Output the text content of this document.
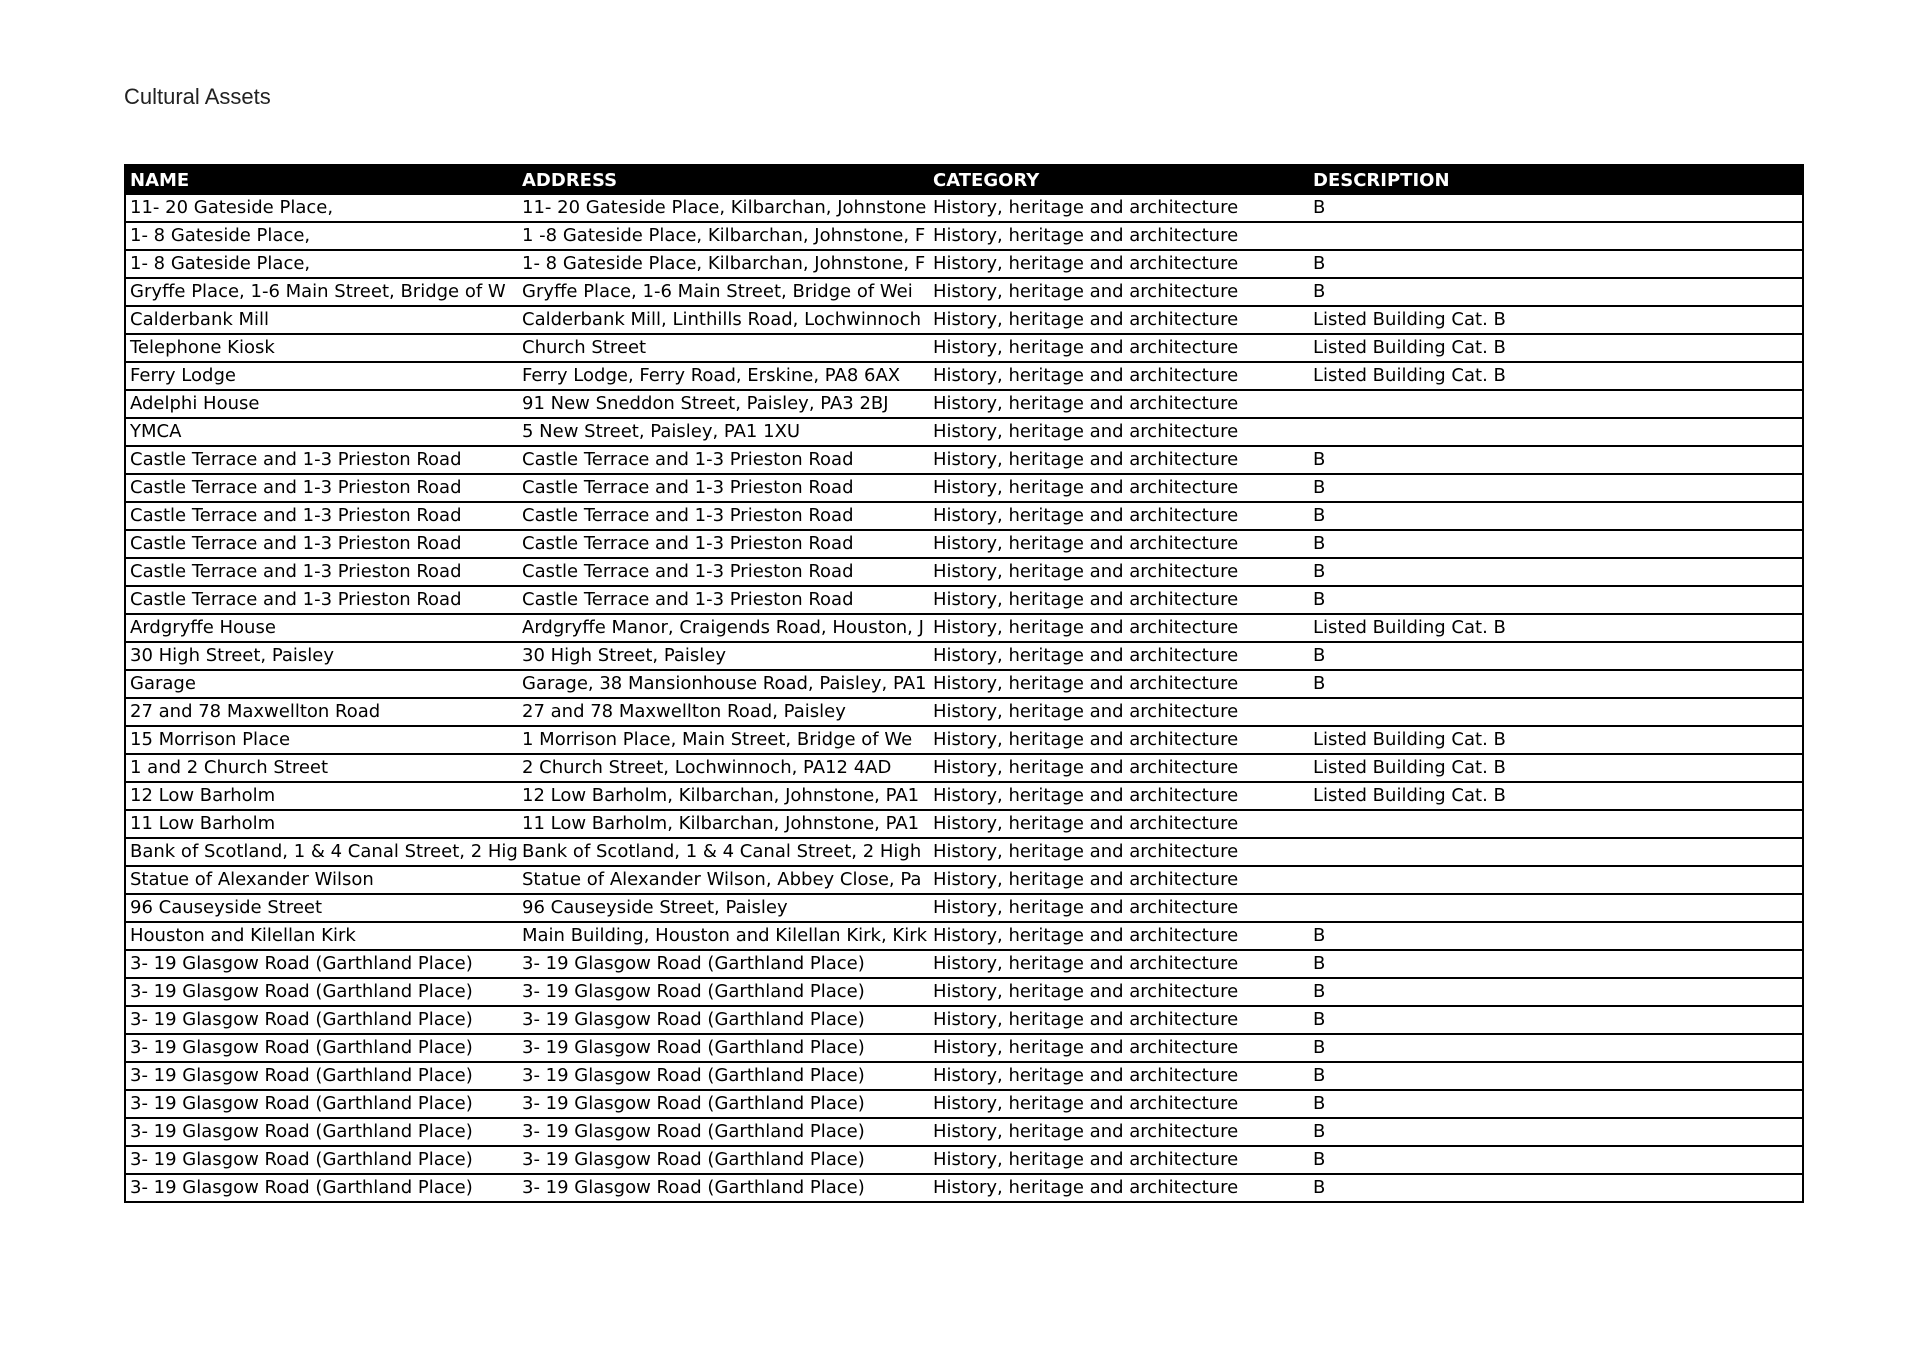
Cultural Assets
NAME	ADDRESS	CATEGORY	DESCRIPTION
11- 20 Gateside Place,	11- 20 Gateside Place, Kilbarchan, Johnstone	History, heritage and architecture	B
1- 8 Gateside Place,	1 -8 Gateside Place, Kilbarchan, Johnstone, F	History, heritage and architecture	
1- 8 Gateside Place,	1- 8 Gateside Place, Kilbarchan, Johnstone, F	History, heritage and architecture	B
Gryffe Place, 1-6 Main Street, Bridge of W	Gryffe Place, 1-6 Main Street, Bridge of Wei	History, heritage and architecture	B
Calderbank Mill	Calderbank Mill, Linthills Road, Lochwinnoch	History, heritage and architecture	Listed Building Cat. B
Telephone Kiosk	Church Street	History, heritage and architecture	Listed Building Cat. B
Ferry Lodge	Ferry Lodge, Ferry Road, Erskine, PA8 6AX	History, heritage and architecture	Listed Building Cat. B
Adelphi House	91 New Sneddon Street, Paisley, PA3 2BJ	History, heritage and architecture	
YMCA	5 New Street, Paisley, PA1 1XU	History, heritage and architecture	
Castle Terrace and 1-3 Prieston Road	Castle Terrace and 1-3 Prieston Road	History, heritage and architecture	B
Castle Terrace and 1-3 Prieston Road	Castle Terrace and 1-3 Prieston Road	History, heritage and architecture	B
Castle Terrace and 1-3 Prieston Road	Castle Terrace and 1-3 Prieston Road	History, heritage and architecture	B
Castle Terrace and 1-3 Prieston Road	Castle Terrace and 1-3 Prieston Road	History, heritage and architecture	B
Castle Terrace and 1-3 Prieston Road	Castle Terrace and 1-3 Prieston Road	History, heritage and architecture	B
Castle Terrace and 1-3 Prieston Road	Castle Terrace and 1-3 Prieston Road	History, heritage and architecture	B
Ardgryffe House	Ardgryffe Manor, Craigends Road, Houston, J	History, heritage and architecture	Listed Building Cat. B
30 High Street, Paisley	30 High Street, Paisley	History, heritage and architecture	B
Garage	Garage, 38 Mansionhouse Road, Paisley, PA1	History, heritage and architecture	B
27 and 78 Maxwellton Road	27 and 78 Maxwellton Road, Paisley	History, heritage and architecture	
15 Morrison Place	1 Morrison Place, Main Street, Bridge of We	History, heritage and architecture	Listed Building Cat. B
1 and 2 Church Street	2 Church Street, Lochwinnoch, PA12 4AD	History, heritage and architecture	Listed Building Cat. B
12 Low Barholm	12 Low Barholm, Kilbarchan, Johnstone, PA1	History, heritage and architecture	Listed Building Cat. B
11 Low Barholm	11 Low Barholm, Kilbarchan, Johnstone, PA1	History, heritage and architecture	
Bank of Scotland, 1 & 4 Canal Street, 2 Hig	Bank of Scotland, 1 & 4 Canal Street, 2 High	History, heritage and architecture	
Statue of Alexander Wilson	Statue of Alexander Wilson, Abbey Close, Pa	History, heritage and architecture	
96 Causeyside Street	96 Causeyside Street, Paisley	History, heritage and architecture	
Houston and Kilellan Kirk	Main Building, Houston and Kilellan Kirk, Kirk	History, heritage and architecture	B
3- 19 Glasgow Road (Garthland Place)	3- 19 Glasgow Road (Garthland Place)	History, heritage and architecture	B
3- 19 Glasgow Road (Garthland Place)	3- 19 Glasgow Road (Garthland Place)	History, heritage and architecture	B
3- 19 Glasgow Road (Garthland Place)	3- 19 Glasgow Road (Garthland Place)	History, heritage and architecture	B
3- 19 Glasgow Road (Garthland Place)	3- 19 Glasgow Road (Garthland Place)	History, heritage and architecture	B
3- 19 Glasgow Road (Garthland Place)	3- 19 Glasgow Road (Garthland Place)	History, heritage and architecture	B
3- 19 Glasgow Road (Garthland Place)	3- 19 Glasgow Road (Garthland Place)	History, heritage and architecture	B
3- 19 Glasgow Road (Garthland Place)	3- 19 Glasgow Road (Garthland Place)	History, heritage and architecture	B
3- 19 Glasgow Road (Garthland Place)	3- 19 Glasgow Road (Garthland Place)	History, heritage and architecture	B
3- 19 Glasgow Road (Garthland Place)	3- 19 Glasgow Road (Garthland Place)	History, heritage and architecture	B
